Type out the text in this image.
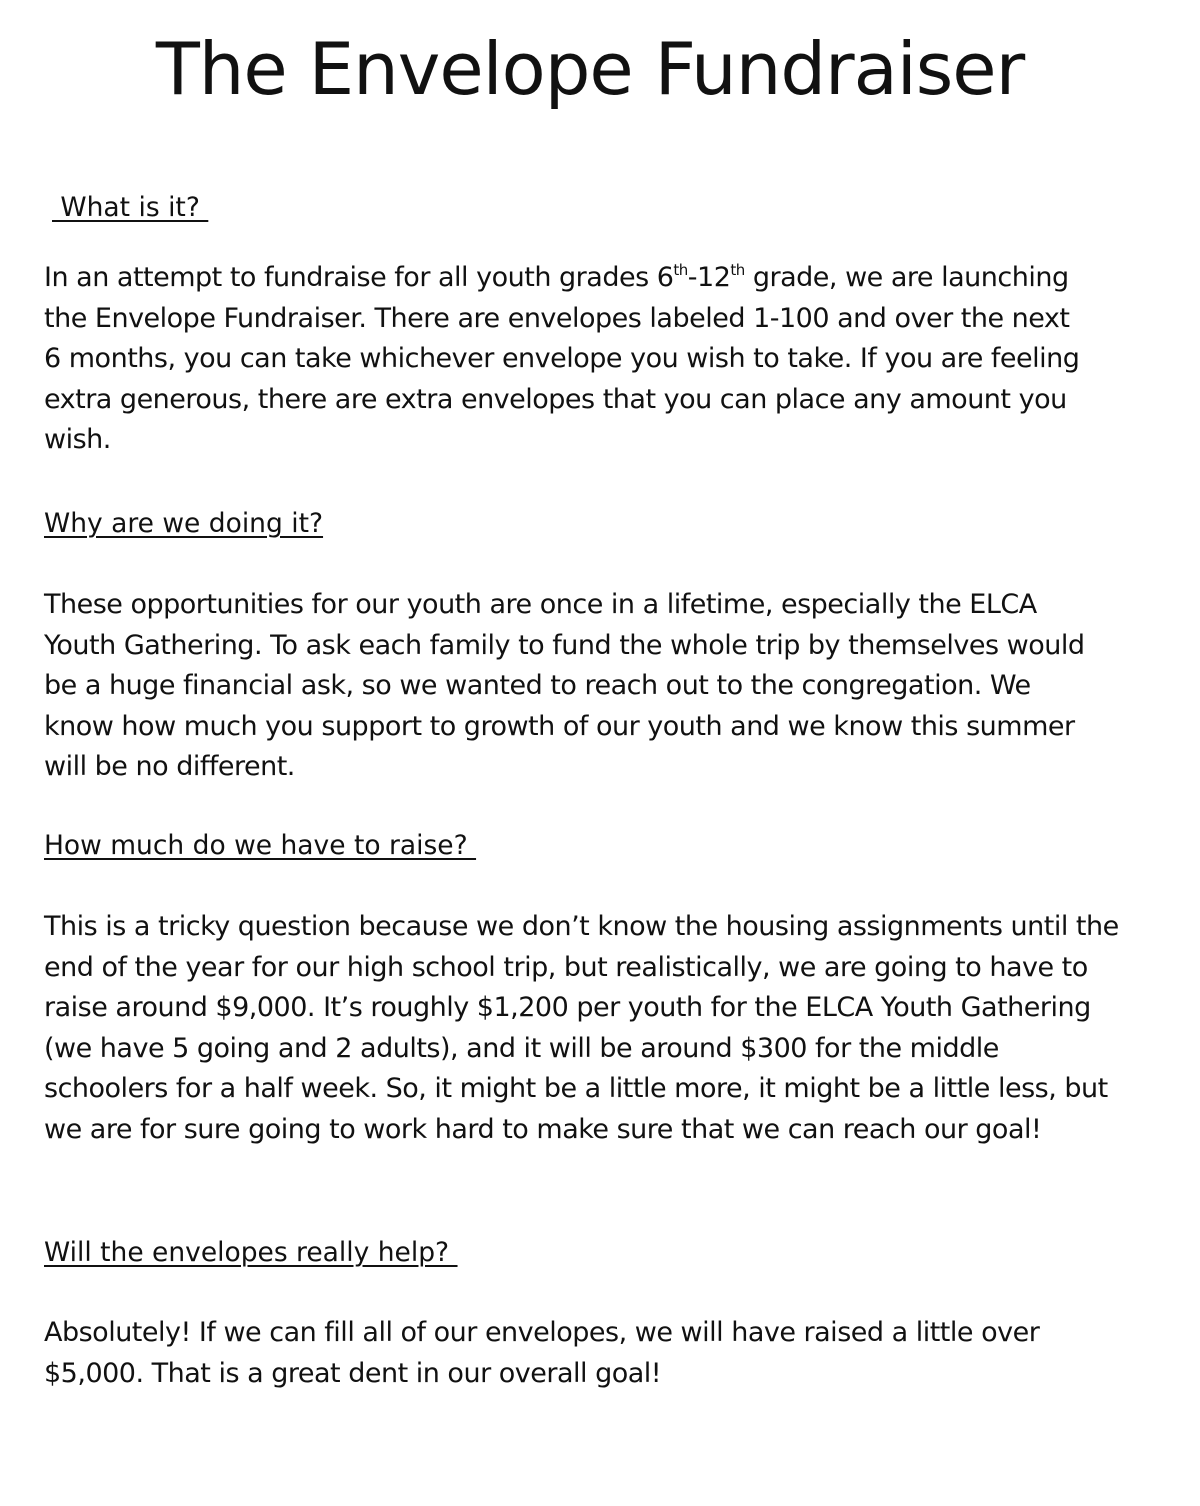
The Envelope Fundraiser
What is it?
In an attempt to fundraise for all youth grades 6th-12th grade, we are launching
the Envelope Fundraiser. There are envelopes labeled 1-100 and over the next
6 months, you can take whichever envelope you wish to take. If you are feeling
extra generous, there are extra envelopes that you can place any amount you
wish.
Why are we doing it?
These opportunities for our youth are once in a lifetime, especially the ELCA
Youth Gathering. To ask each family to fund the whole trip by themselves would
be a huge financial ask, so we wanted to reach out to the congregation. We
know how much you support to growth of our youth and we know this summer
will be no different.
How much do we have to raise?
This is a tricky question because we don’t know the housing assignments until the
end of the year for our high school trip, but realistically, we are going to have to
raise around $9,000. It’s roughly $1,200 per youth for the ELCA Youth Gathering
(we have 5 going and 2 adults), and it will be around $300 for the middle
schoolers for a half week. So, it might be a little more, it might be a little less, but
we are for sure going to work hard to make sure that we can reach our goal!
Will the envelopes really help?
Absolutely! If we can fill all of our envelopes, we will have raised a little over
$5,000. That is a great dent in our overall goal!
